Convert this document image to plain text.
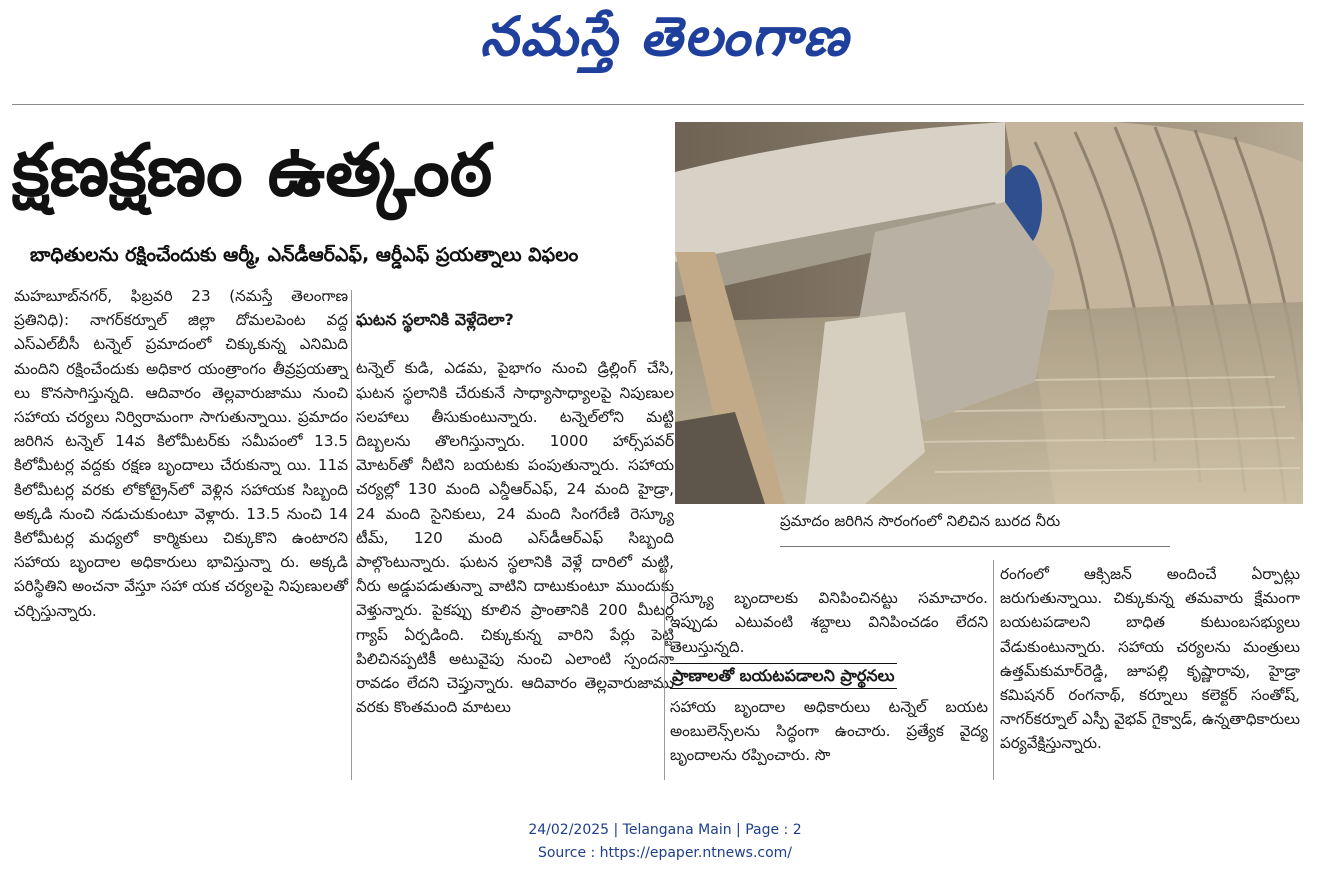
నమస్తే తెలంగాణ
క్షణక్షణం ఉత్కంఠ
బాధితులను రక్షించేందుకు ఆర్మీ, ఎన్‌డీఆర్‌ఎఫ్‌, ఆర్డీఎఫ్‌ ప్రయత్నాలు విఫలం
మహబూబ్‌నగర్‌, ఫిబ్రవరి 23 (నమస్తే తెలంగాణ ప్రతినిధి): నాగర్‌కర్నూల్‌ జిల్లా దోమలపెంట వద్ద ఎస్‌ఎల్‌బీసీ టన్నెల్‌ ప్రమాదంలో చిక్కుకున్న ఎనిమిది మందిని రక్షించేందుకు అధికార యంత్రాంగం తీవ్రప్రయత్నా లు కొనసాగిస్తున్నది. ఆదివారం తెల్లవారుజాము నుంచి సహాయ చర్యలు నిర్విరామంగా సాగుతున్నాయి. ప్రమాదం జరిగిన టన్నెల్‌ 14వ కిలోమీటర్‌కు సమీపంలో 13.5 కిలోమీటర్ల వద్దకు రక్షణ బృందాలు చేరుకున్నా యి. 11వ కిలోమీటర్ల వరకు లోకోట్రైన్‌లో వెళ్లిన సహాయక సిబ్బంది అక్కడి నుంచి నడుచుకుంటూ వెళ్లారు. 13.5 నుంచి 14 కిలోమీటర్ల మధ్యలో కార్మికులు చిక్కుకొని ఉంటారని సహాయ బృందాల అధికారులు భావిస్తున్నా రు. అక్కడి పరిస్థితిని అంచనా వేస్తూ సహా యక చర్యలపై నిపుణులతో చర్చిస్తున్నారు.

ఘటన స్థలానికి వెళ్లేదెలా?

టన్నెల్‌ కుడి, ఎడమ, పైభాగం నుంచి డ్రిల్లింగ్‌ చేసి, ఘటన స్థలానికి చేరుకునే సాధ్యాసాధ్యాలపై నిపుణుల సలహాలు తీసుకుంటున్నారు. టన్నెల్‌లోని మట్టి దిబ్బలను తొలగిస్తున్నారు. 1000 హార్స్‌పవర్‌ మోటర్‌తో నీటిని బయటకు పంపుతున్నారు. సహాయ చర్యల్లో 130 మంది ఎన్డీఆర్‌ఎఫ్‌, 24 మంది హైడ్రా, 24 మంది సైనికులు, 24 మంది సింగరేణి రెస్క్యూ టీమ్‌, 120 మంది ఎస్‌డీఆర్‌ఎఫ్‌ సిబ్బంది పాల్గొంటున్నారు. ఘటన స్థలానికి వెళ్లే దారిలో మట్టి, నీరు అడ్డుపడుతున్నా వాటిని దాటుకుంటూ ముందుకు వెళ్తున్నారు. పైకప్పు కూలిన ప్రాంతానికి 200 మీటర్ల గ్యాప్‌ ఏర్పడింది. చిక్కుకున్న వారిని పేర్లు పెట్టి పిలిచినప్పటికీ అటువైపు నుంచి ఎలాంటి స్పందనా రావడం లేదని చెప్తున్నారు. ఆదివారం తెల్లవారుజాము వరకు కొంతమంది మాటలు

ప్రమాదం జరిగిన సొరంగంలో నిలిచిన బురద నీరు

రెస్క్యూ బృందాలకు వినిపించినట్టు సమాచారం. ఇప్పుడు ఎటువంటి శబ్దాలు వినిపించడం లేదని తెలుస్తున్నది.
ప్రాణాలతో బయటపడాలని ప్రార్థనలు
సహాయ బృందాల అధికారులు టన్నెల్‌ బయట అంబులెన్స్‌లను సిద్ధంగా ఉంచారు. ప్రత్యేక వైద్య బృందాలను రప్పించారు. సొ

రంగంలో ఆక్సిజన్‌ అందించే ఏర్పాట్లు జరుగుతున్నాయి. చిక్కుకున్న తమవారు క్షేమంగా బయటపడాలని బాధిత కుటుంబసభ్యులు వేడుకుంటున్నారు. సహాయ చర్యలను మంత్రులు ఉత్తమ్‌కుమార్‌రెడ్డి, జూపల్లి కృష్ణారావు, హైడ్రా కమిషనర్‌ రంగనాథ్‌, కర్నూలు కలెక్టర్‌ సంతోష్‌, నాగర్‌కర్నూల్‌ ఎస్పీ వైభవ్‌ గైక్వాడ్‌, ఉన్నతాధికారులు పర్యవేక్షిస్తున్నారు.
24/02/2025 | Telangana Main | Page : 2
Source : https://epaper.ntnews.com/
